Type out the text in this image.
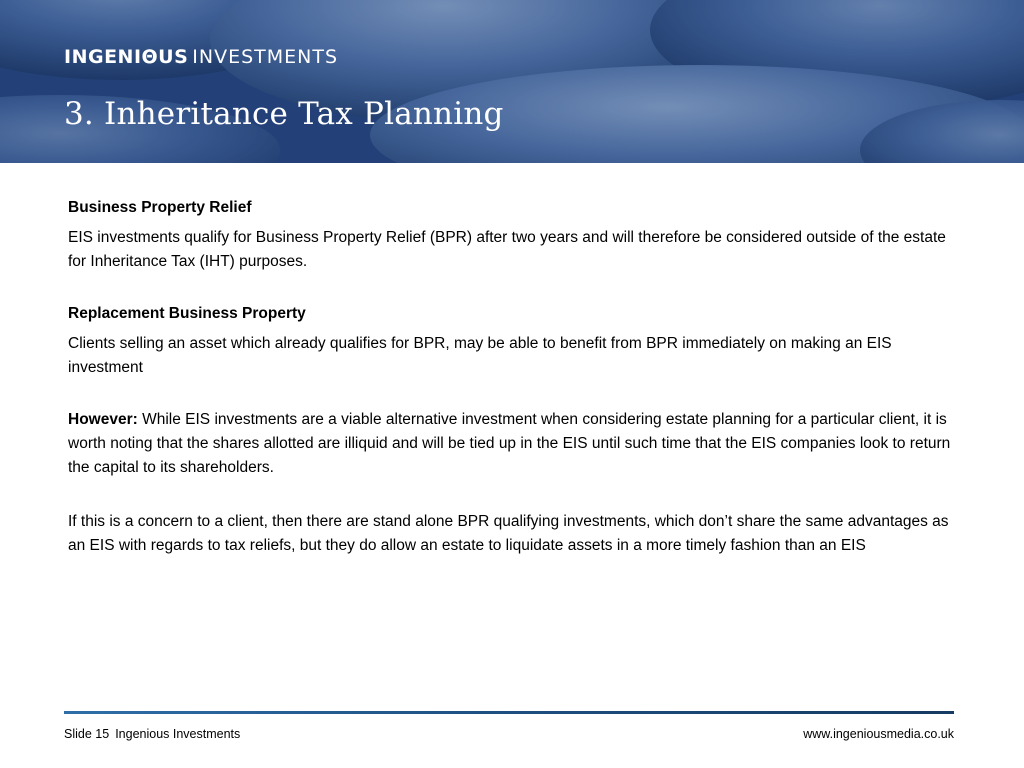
INGENIΘUS INVESTMENTS
3. Inheritance Tax Planning

Business Property Relief

EIS investments qualify for Business Property Relief (BPR) after two years and will therefore be considered outside of the estate for Inheritance Tax (IHT) purposes.

Replacement Business Property

Clients selling an asset which already qualifies for BPR, may be able to benefit from BPR immediately on making an EIS investment

However: While EIS investments are a viable alternative investment when considering estate planning for a particular client, it is worth noting that the shares allotted are illiquid and will be tied up in the EIS until such time that the EIS companies look to return the capital to its shareholders.

If this is a concern to a client, then there are stand alone BPR qualifying investments, which don’t share the same advantages as an EIS with regards to tax reliefs, but they do allow an estate to liquidate assets in a more timely fashion than an EIS

Slide 15 Ingenious Investments	www.ingeniousmedia.co.uk
